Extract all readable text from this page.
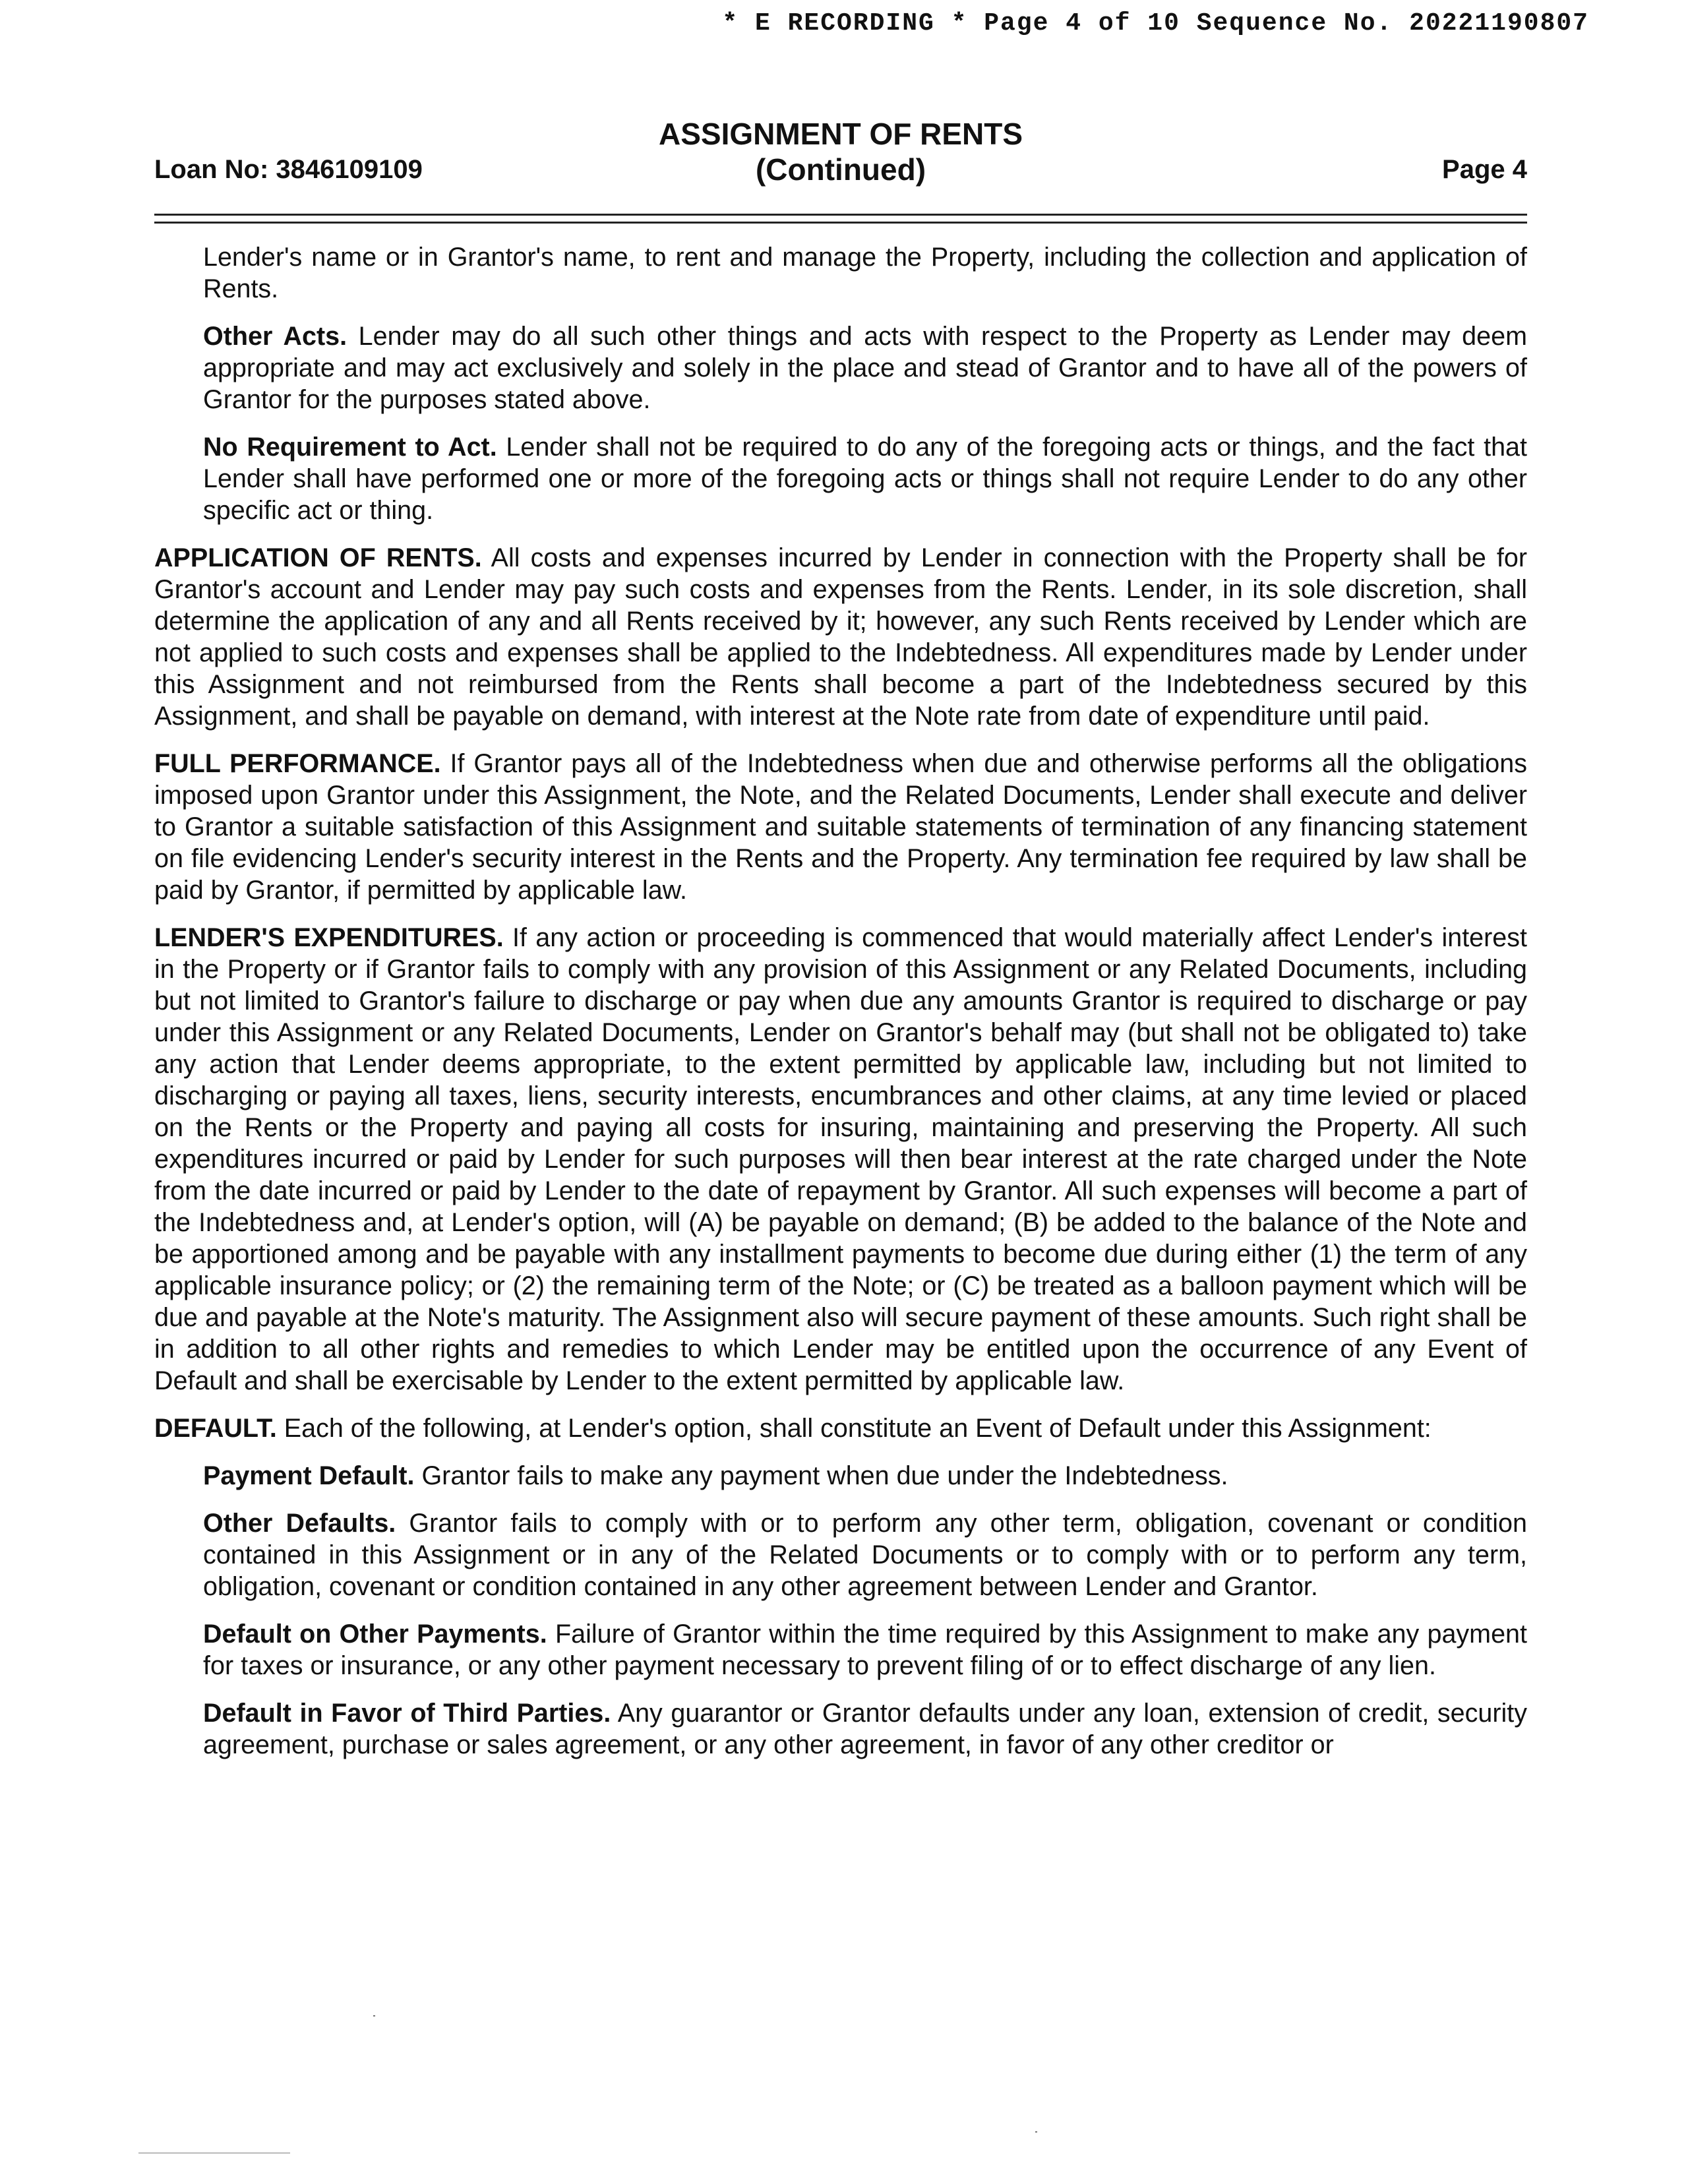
* E RECORDING * Page 4 of 10 Sequence No. 20221190807
Loan No: 3846109109
ASSIGNMENT OF RENTS
(Continued)	Page 4

Lender's name or in Grantor's name, to rent and manage the Property, including the collection and application of Rents.

Other Acts. Lender may do all such other things and acts with respect to the Property as Lender may deem appropriate and may act exclusively and solely in the place and stead of Grantor and to have all of the powers of Grantor for the purposes stated above.

No Requirement to Act. Lender shall not be required to do any of the foregoing acts or things, and the fact that Lender shall have performed one or more of the foregoing acts or things shall not require Lender to do any other specific act or thing.

APPLICATION OF RENTS. All costs and expenses incurred by Lender in connection with the Property shall be for Grantor's account and Lender may pay such costs and expenses from the Rents. Lender, in its sole discretion, shall determine the application of any and all Rents received by it; however, any such Rents received by Lender which are not applied to such costs and expenses shall be applied to the Indebtedness. All expenditures made by Lender under this Assignment and not reimbursed from the Rents shall become a part of the Indebtedness secured by this Assignment, and shall be payable on demand, with interest at the Note rate from date of expenditure until paid.

FULL PERFORMANCE. If Grantor pays all of the Indebtedness when due and otherwise performs all the obligations imposed upon Grantor under this Assignment, the Note, and the Related Documents, Lender shall execute and deliver to Grantor a suitable satisfaction of this Assignment and suitable statements of termination of any financing statement on file evidencing Lender's security interest in the Rents and the Property. Any termination fee required by law shall be paid by Grantor, if permitted by applicable law.

LENDER'S EXPENDITURES. If any action or proceeding is commenced that would materially affect Lender's interest in the Property or if Grantor fails to comply with any provision of this Assignment or any Related Documents, including but not limited to Grantor's failure to discharge or pay when due any amounts Grantor is required to discharge or pay under this Assignment or any Related Documents, Lender on Grantor's behalf may (but shall not be obligated to) take any action that Lender deems appropriate, to the extent permitted by applicable law, including but not limited to discharging or paying all taxes, liens, security interests, encumbrances and other claims, at any time levied or placed on the Rents or the Property and paying all costs for insuring, maintaining and preserving the Property. All such expenditures incurred or paid by Lender for such purposes will then bear interest at the rate charged under the Note from the date incurred or paid by Lender to the date of repayment by Grantor. All such expenses will become a part of the Indebtedness and, at Lender's option, will (A) be payable on demand; (B) be added to the balance of the Note and be apportioned among and be payable with any installment payments to become due during either (1) the term of any applicable insurance policy; or (2) the remaining term of the Note; or (C) be treated as a balloon payment which will be due and payable at the Note's maturity. The Assignment also will secure payment of these amounts. Such right shall be in addition to all other rights and remedies to which Lender may be entitled upon the occurrence of any Event of Default and shall be exercisable by Lender to the extent permitted by applicable law.

DEFAULT. Each of the following, at Lender's option, shall constitute an Event of Default under this Assignment:

Payment Default. Grantor fails to make any payment when due under the Indebtedness.

Other Defaults. Grantor fails to comply with or to perform any other term, obligation, covenant or condition contained in this Assignment or in any of the Related Documents or to comply with or to perform any term, obligation, covenant or condition contained in any other agreement between Lender and Grantor.

Default on Other Payments. Failure of Grantor within the time required by this Assignment to make any payment for taxes or insurance, or any other payment necessary to prevent filing of or to effect discharge of any lien.

Default in Favor of Third Parties. Any guarantor or Grantor defaults under any loan, extension of credit, security agreement, purchase or sales agreement, or any other agreement, in favor of any other creditor or
